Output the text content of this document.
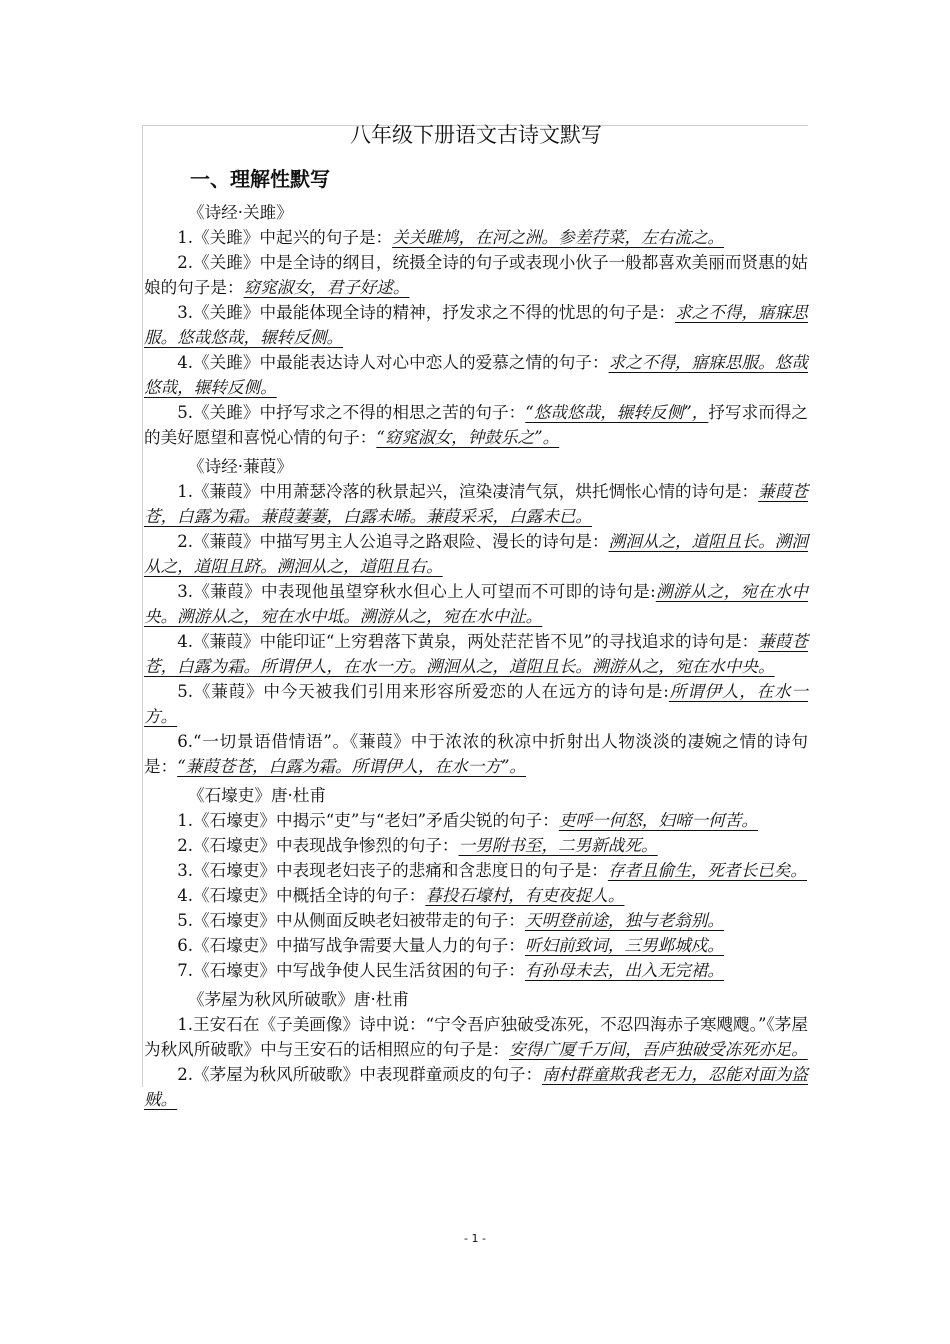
八年级下册语文古诗文默写
一、理解性默写
《诗经·关雎》

1.《关雎》中起兴的句子是：关关雎鸠，在河之洲。参差荇菜，左右流之。

2.《关雎》中是全诗的纲目，统摄全诗的句子或表现小伙子一般都喜欢美丽而贤惠的姑娘的句子是：窈窕淑女，君子好逑。

3.《关雎》中最能体现全诗的精神，抒发求之不得的忧思的句子是：求之不得，寤寐思服。悠哉悠哉，辗转反侧。

4.《关雎》中最能表达诗人对心中恋人的爱慕之情的句子：求之不得，寤寐思服。悠哉悠哉，辗转反侧。

5.《关雎》中抒写求之不得的相思之苦的句子：“悠哉悠哉，辗转反侧”，抒写求而得之的美好愿望和喜悦心情的句子：“窈窕淑女，钟鼓乐之”。

《诗经·蒹葭》

1.《蒹葭》中用萧瑟冷落的秋景起兴，渲染凄清气氛，烘托惆怅心情的诗句是：蒹葭苍苍，白露为霜。蒹葭萋萋，白露未晞。蒹葭采采，白露未已。

2.《蒹葭》中描写男主人公追寻之路艰险、漫长的诗句是：溯洄从之，道阻且长。溯洄从之，道阻且跻。溯洄从之，道阻且右。

3.《蒹葭》中表现他虽望穿秋水但心上人可望而不可即的诗句是:溯游从之，宛在水中央。溯游从之，宛在水中坻。溯游从之，宛在水中沚。

4.《蒹葭》中能印证“上穷碧落下黄泉，两处茫茫皆不见”的寻找追求的诗句是：蒹葭苍苍，白露为霜。所谓伊人，在水一方。溯洄从之，道阻且长。溯游从之，宛在水中央。

5.《蒹葭》中今天被我们引用来形容所爱恋的人在远方的诗句是:所谓伊人，在水一方。

6.“一切景语借情语”。《蒹葭》中于浓浓的秋凉中折射出人物淡淡的凄婉之情的诗句是：“蒹葭苍苍，白露为霜。所谓伊人，在水一方”。

《石壕吏》唐·杜甫

1.《石壕吏》中揭示“吏”与“老妇”矛盾尖锐的句子：吏呼一何怒，妇啼一何苦。

2.《石壕吏》中表现战争惨烈的句子：一男附书至，二男新战死。

3.《石壕吏》中表现老妇丧子的悲痛和含悲度日的句子是：存者且偷生，死者长已矣。

4.《石壕吏》中概括全诗的句子：暮投石壕村，有吏夜捉人。

5.《石壕吏》中从侧面反映老妇被带走的句子：天明登前途，独与老翁别。

6.《石壕吏》中描写战争需要大量人力的句子：听妇前致词，三男邺城戍。

7.《石壕吏》中写战争使人民生活贫困的句子：有孙母未去，出入无完裙。

《茅屋为秋风所破歌》唐·杜甫

1.王安石在《子美画像》诗中说：“宁令吾庐独破受冻死，不忍四海赤子寒飕飕。”《茅屋为秋风所破歌》中与王安石的话相照应的句子是：安得广厦千万间，吾庐独破受冻死亦足。

2.《茅屋为秋风所破歌》中表现群童顽皮的句子：南村群童欺我老无力，忍能对面为盗贼。

- 1 -
